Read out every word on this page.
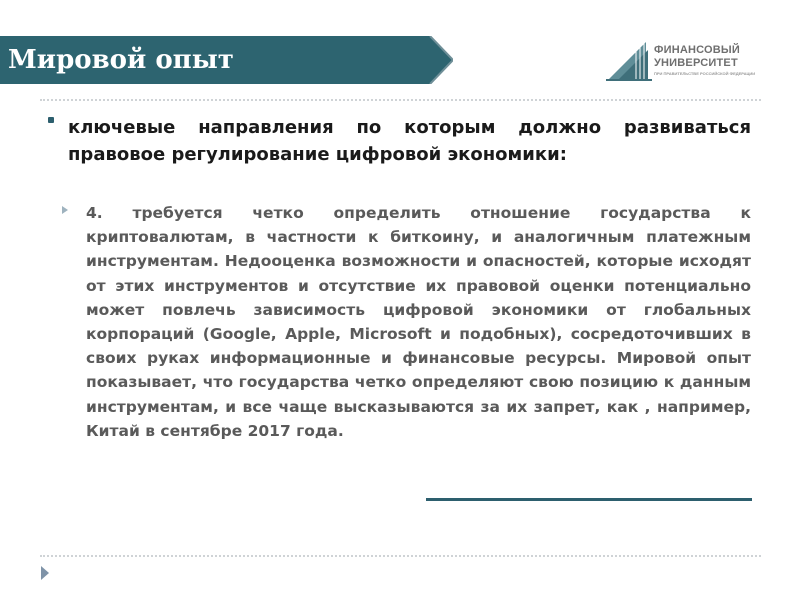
Мировой опыт	ФИНАНСОВЫЙ
УНИВЕРСИТЕТ
ПРИ ПРАВИТЕЛЬСТВЕ РОССИЙСКОЙ ФЕДЕРАЦИИ
ключевые направления по которым должно развиваться правовое регулирование цифровой экономики:
4. требуется четко определить отношение государства к криптовалютам, в частности к биткоину, и аналогичным платежным инструментам. Недооценка возможности и опасностей, которые исходят от этих инструментов и отсутствие их правовой оценки потенциально может повлечь зависимость цифровой экономики от глобальных корпораций (Google, Apple, Microsoft и подобных), сосредоточивших в своих руках информационные и финансовые ресурсы. Мировой опыт показывает, что государства четко определяют свою позицию к данным инструментам, и все чаще высказываются за их запрет, как , например, Китай в сентябре 2017 года.
